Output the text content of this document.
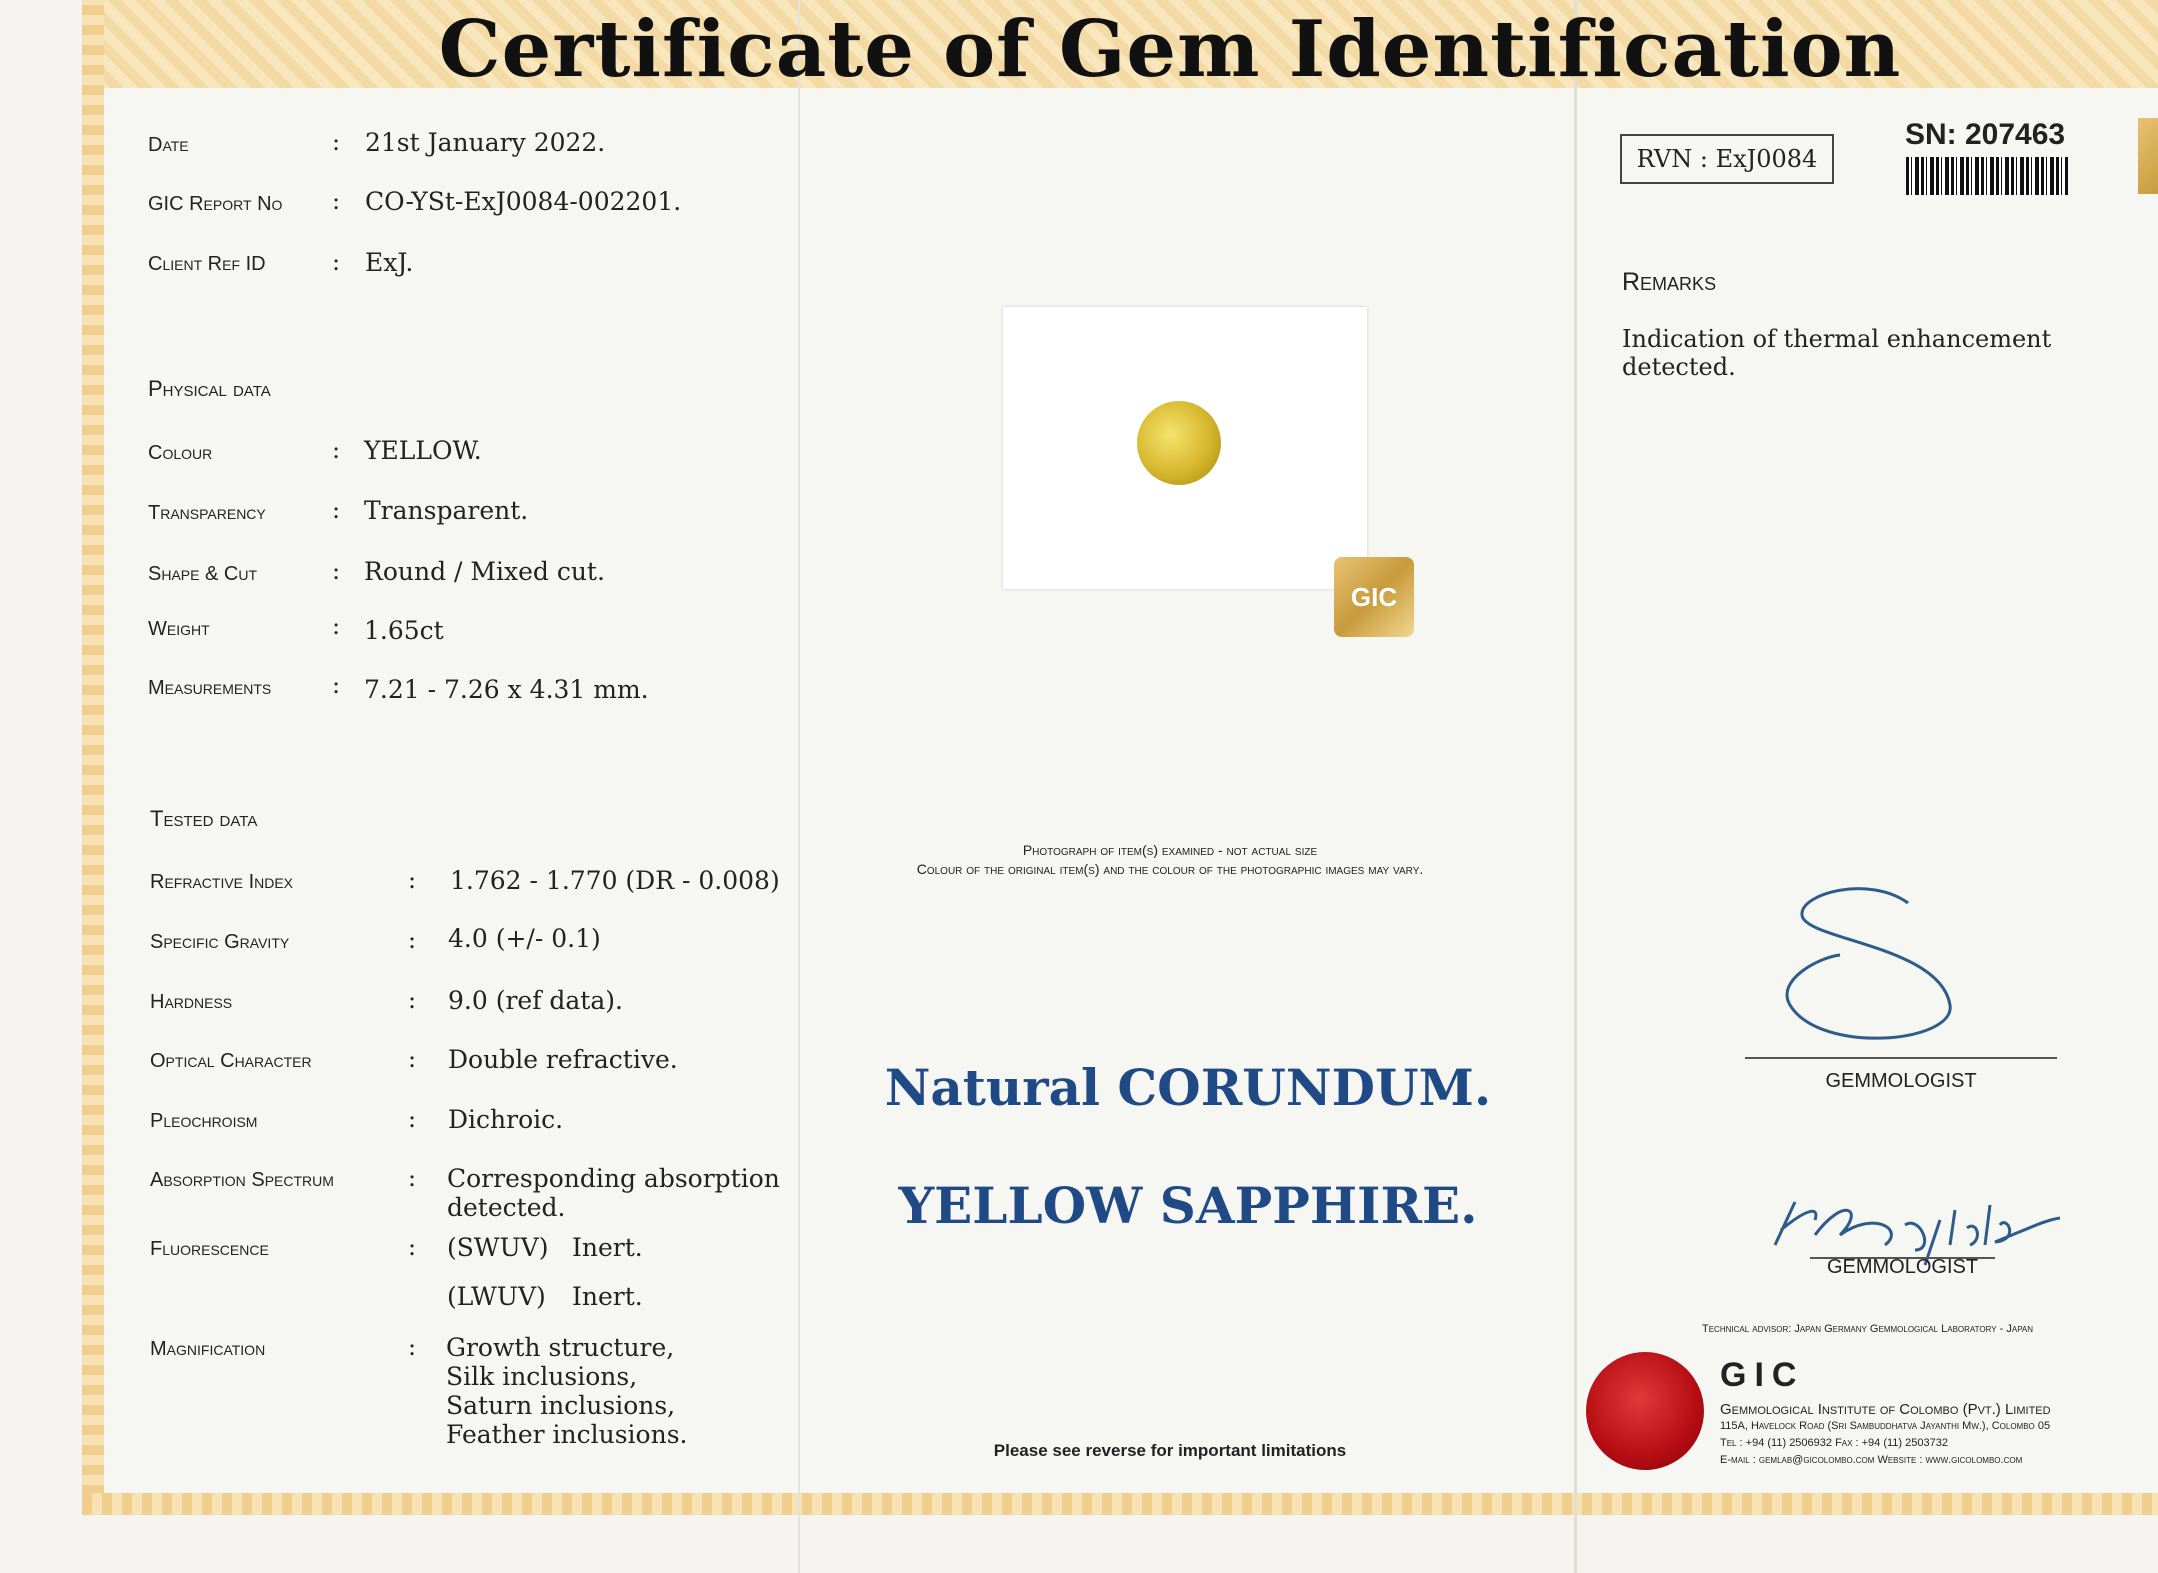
Certificate of Gem Identification
Date	: 21st January 2022.
GIC Report No : CO-YSt-ExJ0084-002201.
Client Ref ID	: ExJ.
Physical data
Colour	: YELLOW.
Transparency	: Transparent.
Shape & Cut	: Round / Mixed cut.
Weight	: 1.65ct
Measurements	: 7.21 - 7.26 x 4.31 mm.
Tested data
Refractive Index	: 1.762 - 1.770 (DR - 0.008)
Specific Gravity	: 4.0 (+/- 0.1)
Hardness	: 9.0 (ref data).
Optical Character	: Double refractive.
Pleochroism	: Dichroic.
Absorption Spectrum	: Corresponding absorption
detected.
Fluorescence	: (SWUV) Inert.
(LWUV) Inert.
Magnification	: Growth structure,
Silk inclusions,
Saturn inclusions,
Feather inclusions.
GIC
Photograph of item(s) examined - not actual size
Colour of the original item(s) and the colour of the photographic images may vary.
Natural CORUNDUM.
YELLOW SAPPHIRE.
Please see reverse for important limitations
RVN : ExJ0084
SN: 207463
Remarks
Indication of thermal enhancement detected.
GEMMOLOGIST
GEMMOLOGIST
Technical advisor: Japan Germany Gemmological Laboratory - Japan
GIC
Gemmological Institute of Colombo (Pvt.) Limited
115A, Havelock Road (Sri Sambuddhatva Jayanthi Mw.), Colombo 05
Tel : +94 (11) 2506932 Fax : +94 (11) 2503732
E-mail : gemlab@gicolombo.com Website : www.gicolombo.com
